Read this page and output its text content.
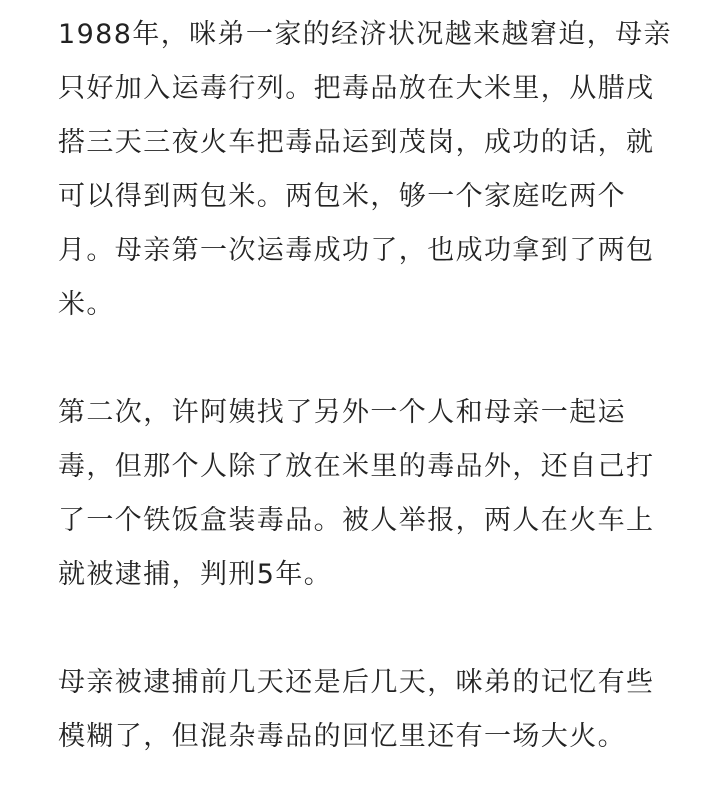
1988年，咪弟一家的经济状况越来越窘迫，母亲
只好加入运毒行列。把毒品放在大米里，从腊戌
搭三天三夜火车把毒品运到茂岗，成功的话，就
可以得到两包米。两包米，够一个家庭吃两个
月。母亲第一次运毒成功了，也成功拿到了两包
米。

第二次，许阿姨找了另外一个人和母亲一起运
毒，但那个人除了放在米里的毒品外，还自己打
了一个铁饭盒装毒品。被人举报，两人在火车上
就被逮捕，判刑5年。

母亲被逮捕前几天还是后几天，咪弟的记忆有些
模糊了，但混杂毒品的回忆里还有一场大火。
